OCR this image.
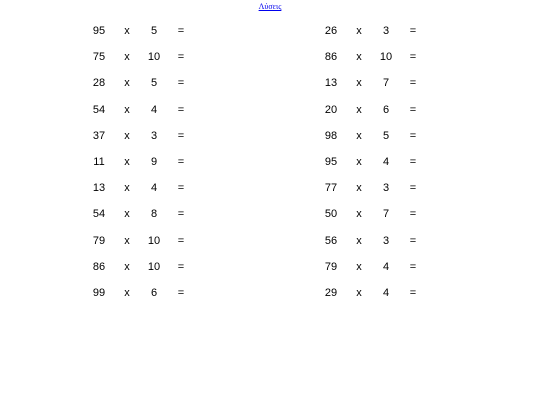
Λύσεις
95	x	5	=
75	x	10	=
28	x	5	=
54	x	4	=
37	x	3	=
11	x	9	=
13	x	4	=
54	x	8	=
79	x	10	=
86	x	10	=
99	x	6	=
26	x	3	=
86	x	10	=
13	x	7	=
20	x	6	=
98	x	5	=
95	x	4	=
77	x	3	=
50	x	7	=
56	x	3	=
79	x	4	=
29	x	4	=
